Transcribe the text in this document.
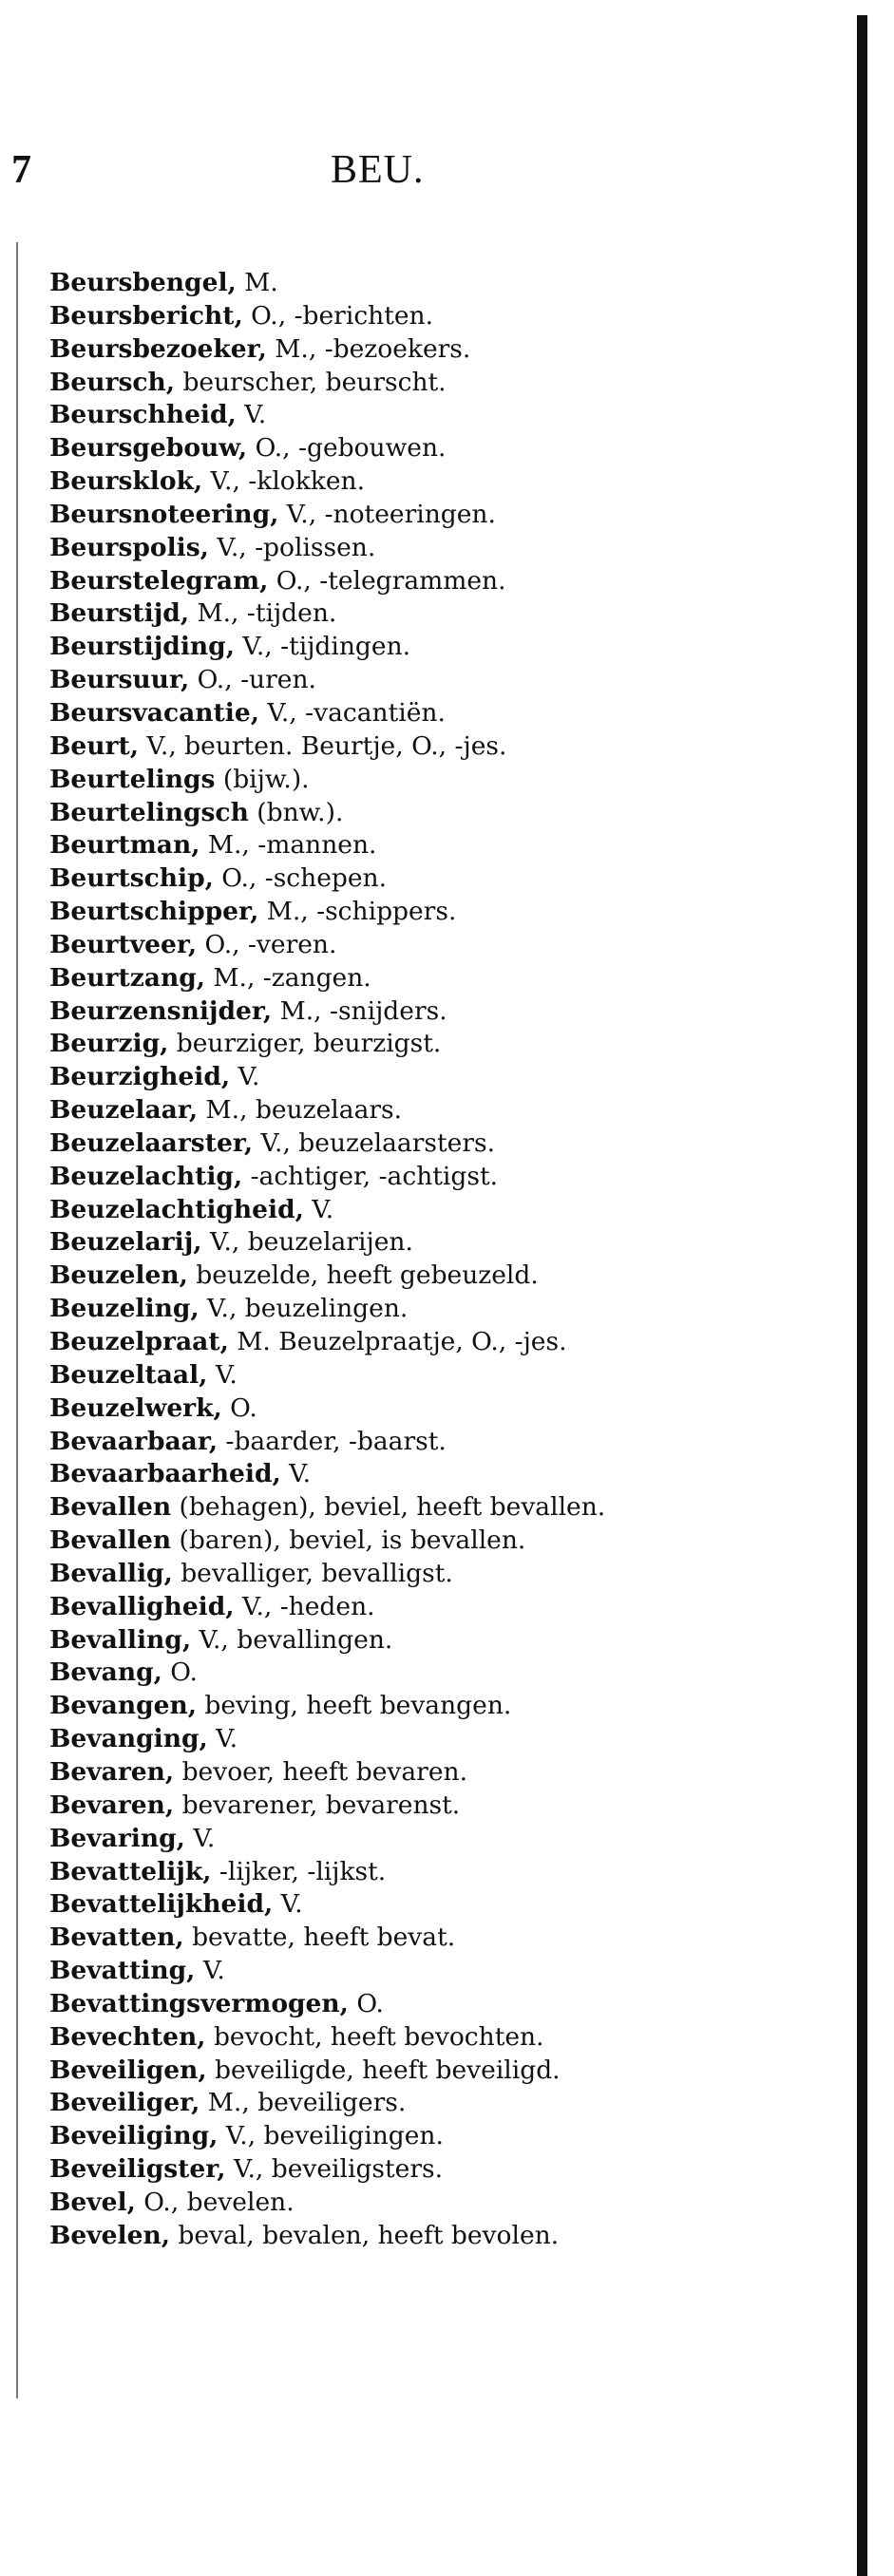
7	BEU.
Beursbengel, M.
Beursbericht, O., -berichten.
Beursbezoeker, M., -bezoekers.
Beursch, beurscher, beurscht.
Beurschheid, V.
Beursgebouw, O., -gebouwen.
Beursklok, V., -klokken.
Beursnoteering, V., -noteeringen.
Beurspolis, V., -polissen.
Beurstelegram, O., -telegrammen.
Beurstijd, M., -tijden.
Beurstijding, V., -tijdingen.
Beursuur, O., -uren.
Beursvacantie, V., -vacantiën.
Beurt, V., beurten. Beurtje, O., -jes.
Beurtelings (bijw.).
Beurtelingsch (bnw.).
Beurtman, M., -mannen.
Beurtschip, O., -schepen.
Beurtschipper, M., -schippers.
Beurtveer, O., -veren.
Beurtzang, M., -zangen.
Beurzensnijder, M., -snijders.
Beurzig, beurziger, beurzigst.
Beurzigheid, V.
Beuzelaar, M., beuzelaars.
Beuzelaarster, V., beuzelaarsters.
Beuzelachtig, -achtiger, -achtigst.
Beuzelachtigheid, V.
Beuzelarij, V., beuzelarijen.
Beuzelen, beuzelde, heeft gebeuzeld.
Beuzeling, V., beuzelingen.
Beuzelpraat, M. Beuzelpraatje, O., -jes.
Beuzeltaal, V.
Beuzelwerk, O.
Bevaarbaar, -baarder, -baarst.
Bevaarbaarheid, V.
Bevallen (behagen), beviel, heeft bevallen.
Bevallen (baren), beviel, is bevallen.
Bevallig, bevalliger, bevalligst.
Bevalligheid, V., -heden.
Bevalling, V., bevallingen.
Bevang, O.
Bevangen, beving, heeft bevangen.
Bevanging, V.
Bevaren, bevoer, heeft bevaren.
Bevaren, bevarener, bevarenst.
Bevaring, V.
Bevattelijk, -lijker, -lijkst.
Bevattelijkheid, V.
Bevatten, bevatte, heeft bevat.
Bevatting, V.
Bevattingsvermogen, O.
Bevechten, bevocht, heeft bevochten.
Beveiligen, beveiligde, heeft beveiligd.
Beveiliger, M., beveiligers.
Beveiliging, V., beveiligingen.
Beveiligster, V., beveiligsters.
Bevel, O., bevelen.
Bevelen, beval, bevalen, heeft bevolen.
